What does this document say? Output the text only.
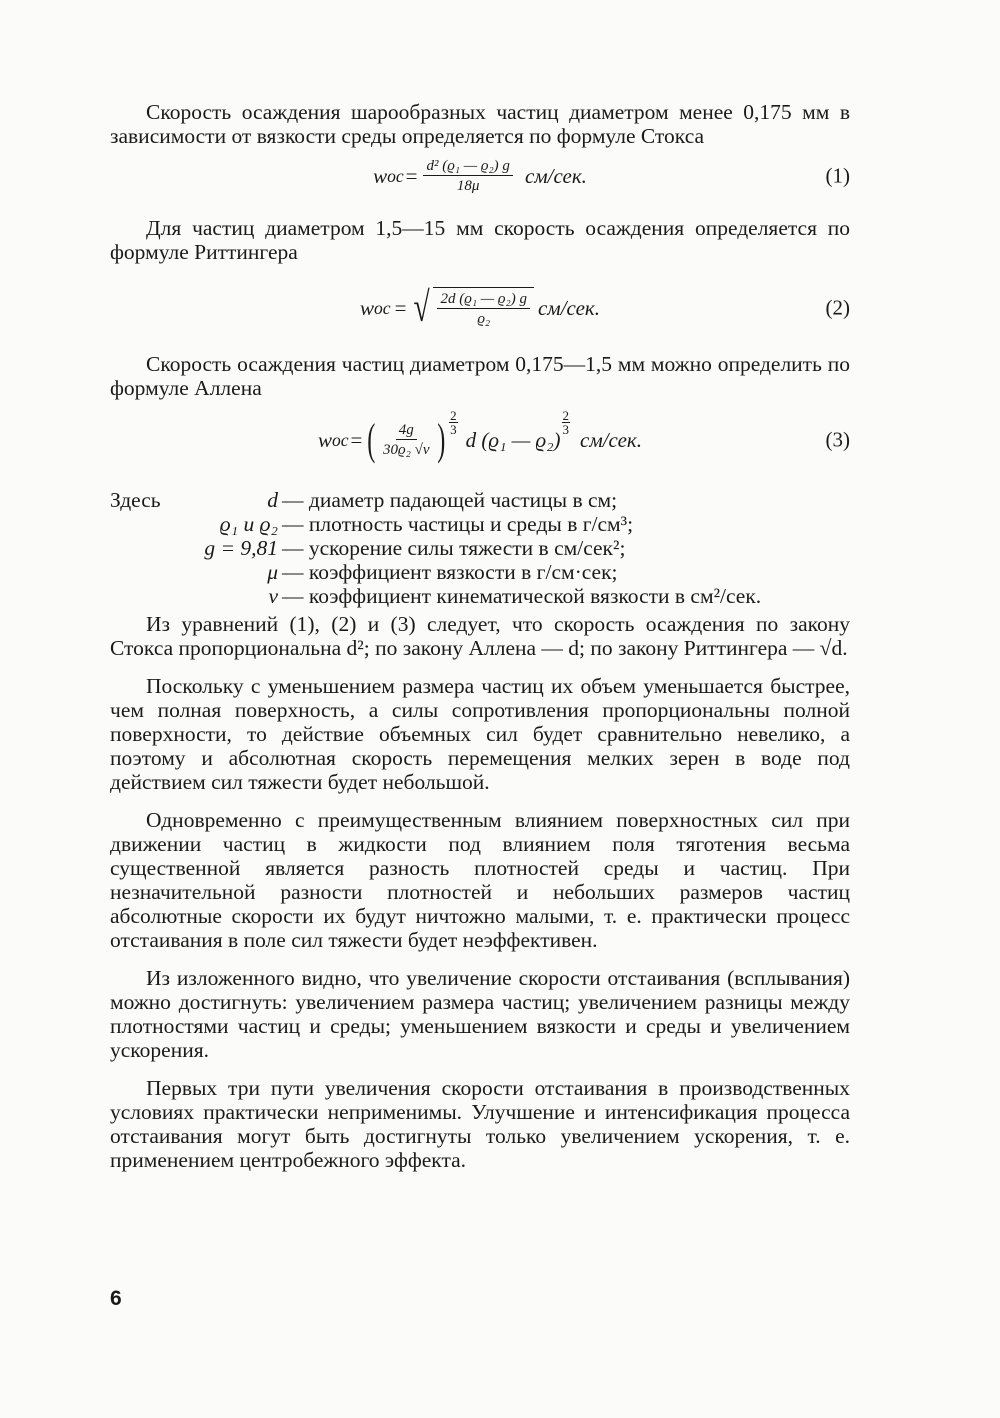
Скорость осаждения шарообразных частиц диаметром менее 0,175 мм в зависимости от вязкости среды определяется по формуле Стокса

w ос = $\frac{\text{d² (ϱ₁ — ϱ₂) g}}{18\mu} см/сек$.	(1)

Для частиц диаметром 1,5—15 мм скорость осаждения определяется по формуле Риттингера

w ос = √ $\frac{\text{2d (ϱ₁ — ϱ₂) g}}{\text{ϱ₂}} см/сек$.	(2)

Скорость осаждения частиц диаметром 0,175—1,5 мм можно определить по формуле Аллена

w ос = ( $\frac{4g}{\text{30ϱ₂ √ν}}$ ) $\frac{2}{3}$
d (ϱ₁ — ϱ₂)
$\frac{2}{3}$
см/сек.	(3)
Здесь	d — диаметр падающей частицы в см;
ϱ₁ и ϱ₂ — плотность частицы и среды в г/см³;
g = 9,81 — ускорение силы тяжести в см/сек²;
μ — коэффициент вязкости в г/см·сек;
ν — коэффициент кинематической вязкости в см²/сек.

Из уравнений (1), (2) и (3) следует, что скорость осаждения по закону Стокса пропорциональна d²; по закону Аллена — d; по закону Риттингера — √d.

Поскольку с уменьшением размера частиц их объем уменьшается быстрее, чем полная поверхность, а силы сопротивления пропорциональны полной поверхности, то действие объемных сил будет сравнительно невелико, а поэтому и абсолютная скорость перемещения мелких зерен в воде под действием сил тяжести будет небольшой.

Одновременно с преимущественным влиянием поверхностных сил при движении частиц в жидкости под влиянием поля тяготения весьма существенной является разность плотностей среды и частиц. При незначительной разности плотностей и небольших размеров частиц абсолютные скорости их будут ничтожно малыми, т. е. практически процесс отстаивания в поле сил тяжести будет неэффективен.

Из изложенного видно, что увеличение скорости отстаивания (всплывания) можно достигнуть: увеличением размера частиц; увеличением разницы между плотностями частиц и среды; уменьшением вязкости и среды и увеличением ускорения.

Первых три пути увеличения скорости отстаивания в производственных условиях практически неприменимы. Улучшение и интенсификация процесса отстаивания могут быть достигнуты только увеличением ускорения, т. е. применением центробежного эффекта.

6
